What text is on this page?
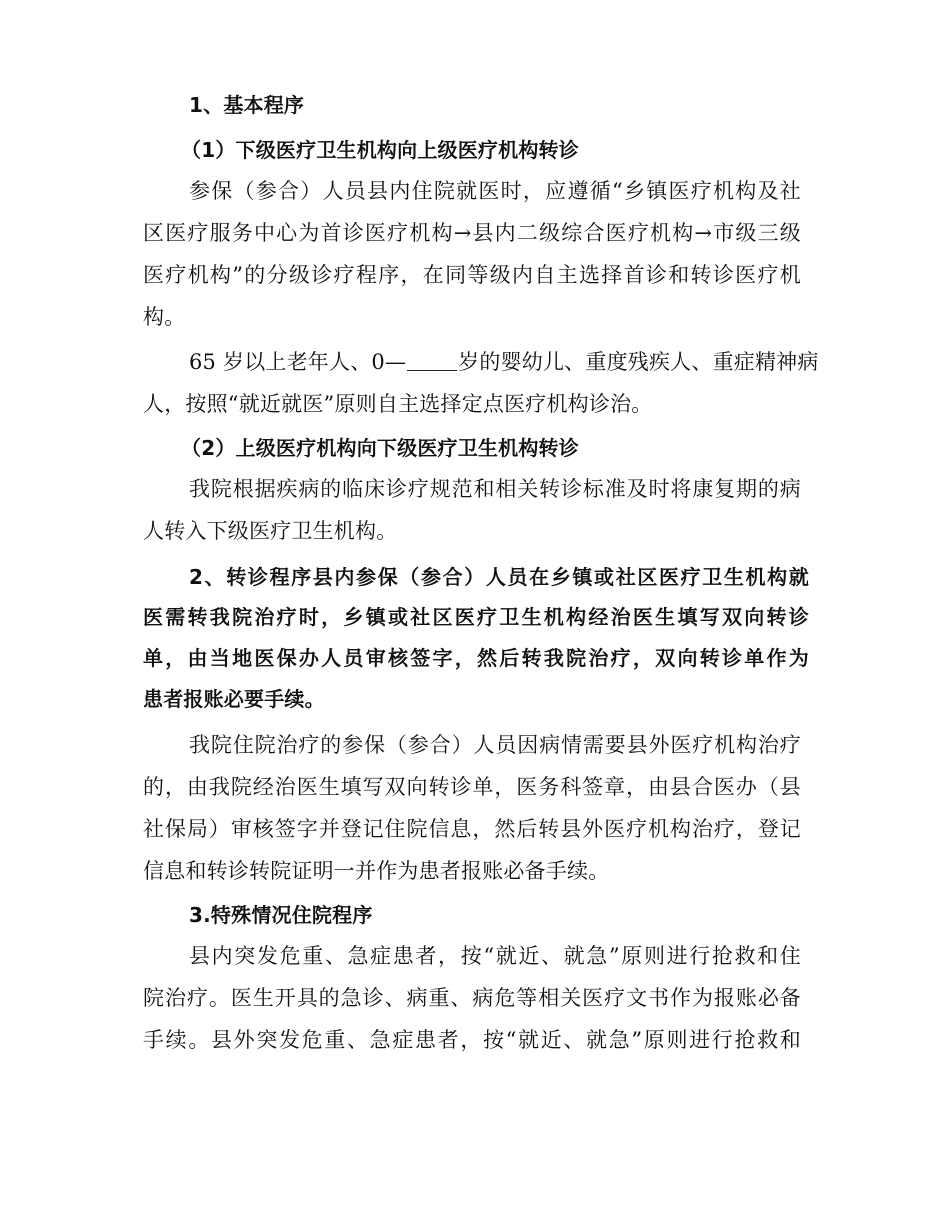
1、基本程序
（1）下级医疗卫生机构向上级医疗机构转诊
参保（参合）人员县内住院就医时，应遵循“乡镇医疗机构及社
区医疗服务中心为首诊医疗机构→县内二级综合医疗机构→市级三级
医疗机构”的分级诊疗程序，在同等级内自主选择首诊和转诊医疗机
构。
65 岁以上老年人、0— 岁的婴幼儿、重度残疾人、重症精神病
人，按照“就近就医”原则自主选择定点医疗机构诊治。
（2）上级医疗机构向下级医疗卫生机构转诊
我院根据疾病的临床诊疗规范和相关转诊标准及时将康复期的病
人转入下级医疗卫生机构。
2、转诊程序县内参保（参合）人员在乡镇或社区医疗卫生机构就
医需转我院治疗时，乡镇或社区医疗卫生机构经治医生填写双向转诊
单，由当地医保办人员审核签字，然后转我院治疗，双向转诊单作为
患者报账必要手续。
我院住院治疗的参保（参合）人员因病情需要县外医疗机构治疗
的，由我院经治医生填写双向转诊单，医务科签章，由县合医办（县
社保局）审核签字并登记住院信息，然后转县外医疗机构治疗，登记
信息和转诊转院证明一并作为患者报账必备手续。
3.特殊情况住院程序
县内突发危重、急症患者，按“就近、就急”原则进行抢救和住
院治疗。医生开具的急诊、病重、病危等相关医疗文书作为报账必备
手续。县外突发危重、急症患者，按“就近、就急”原则进行抢救和
